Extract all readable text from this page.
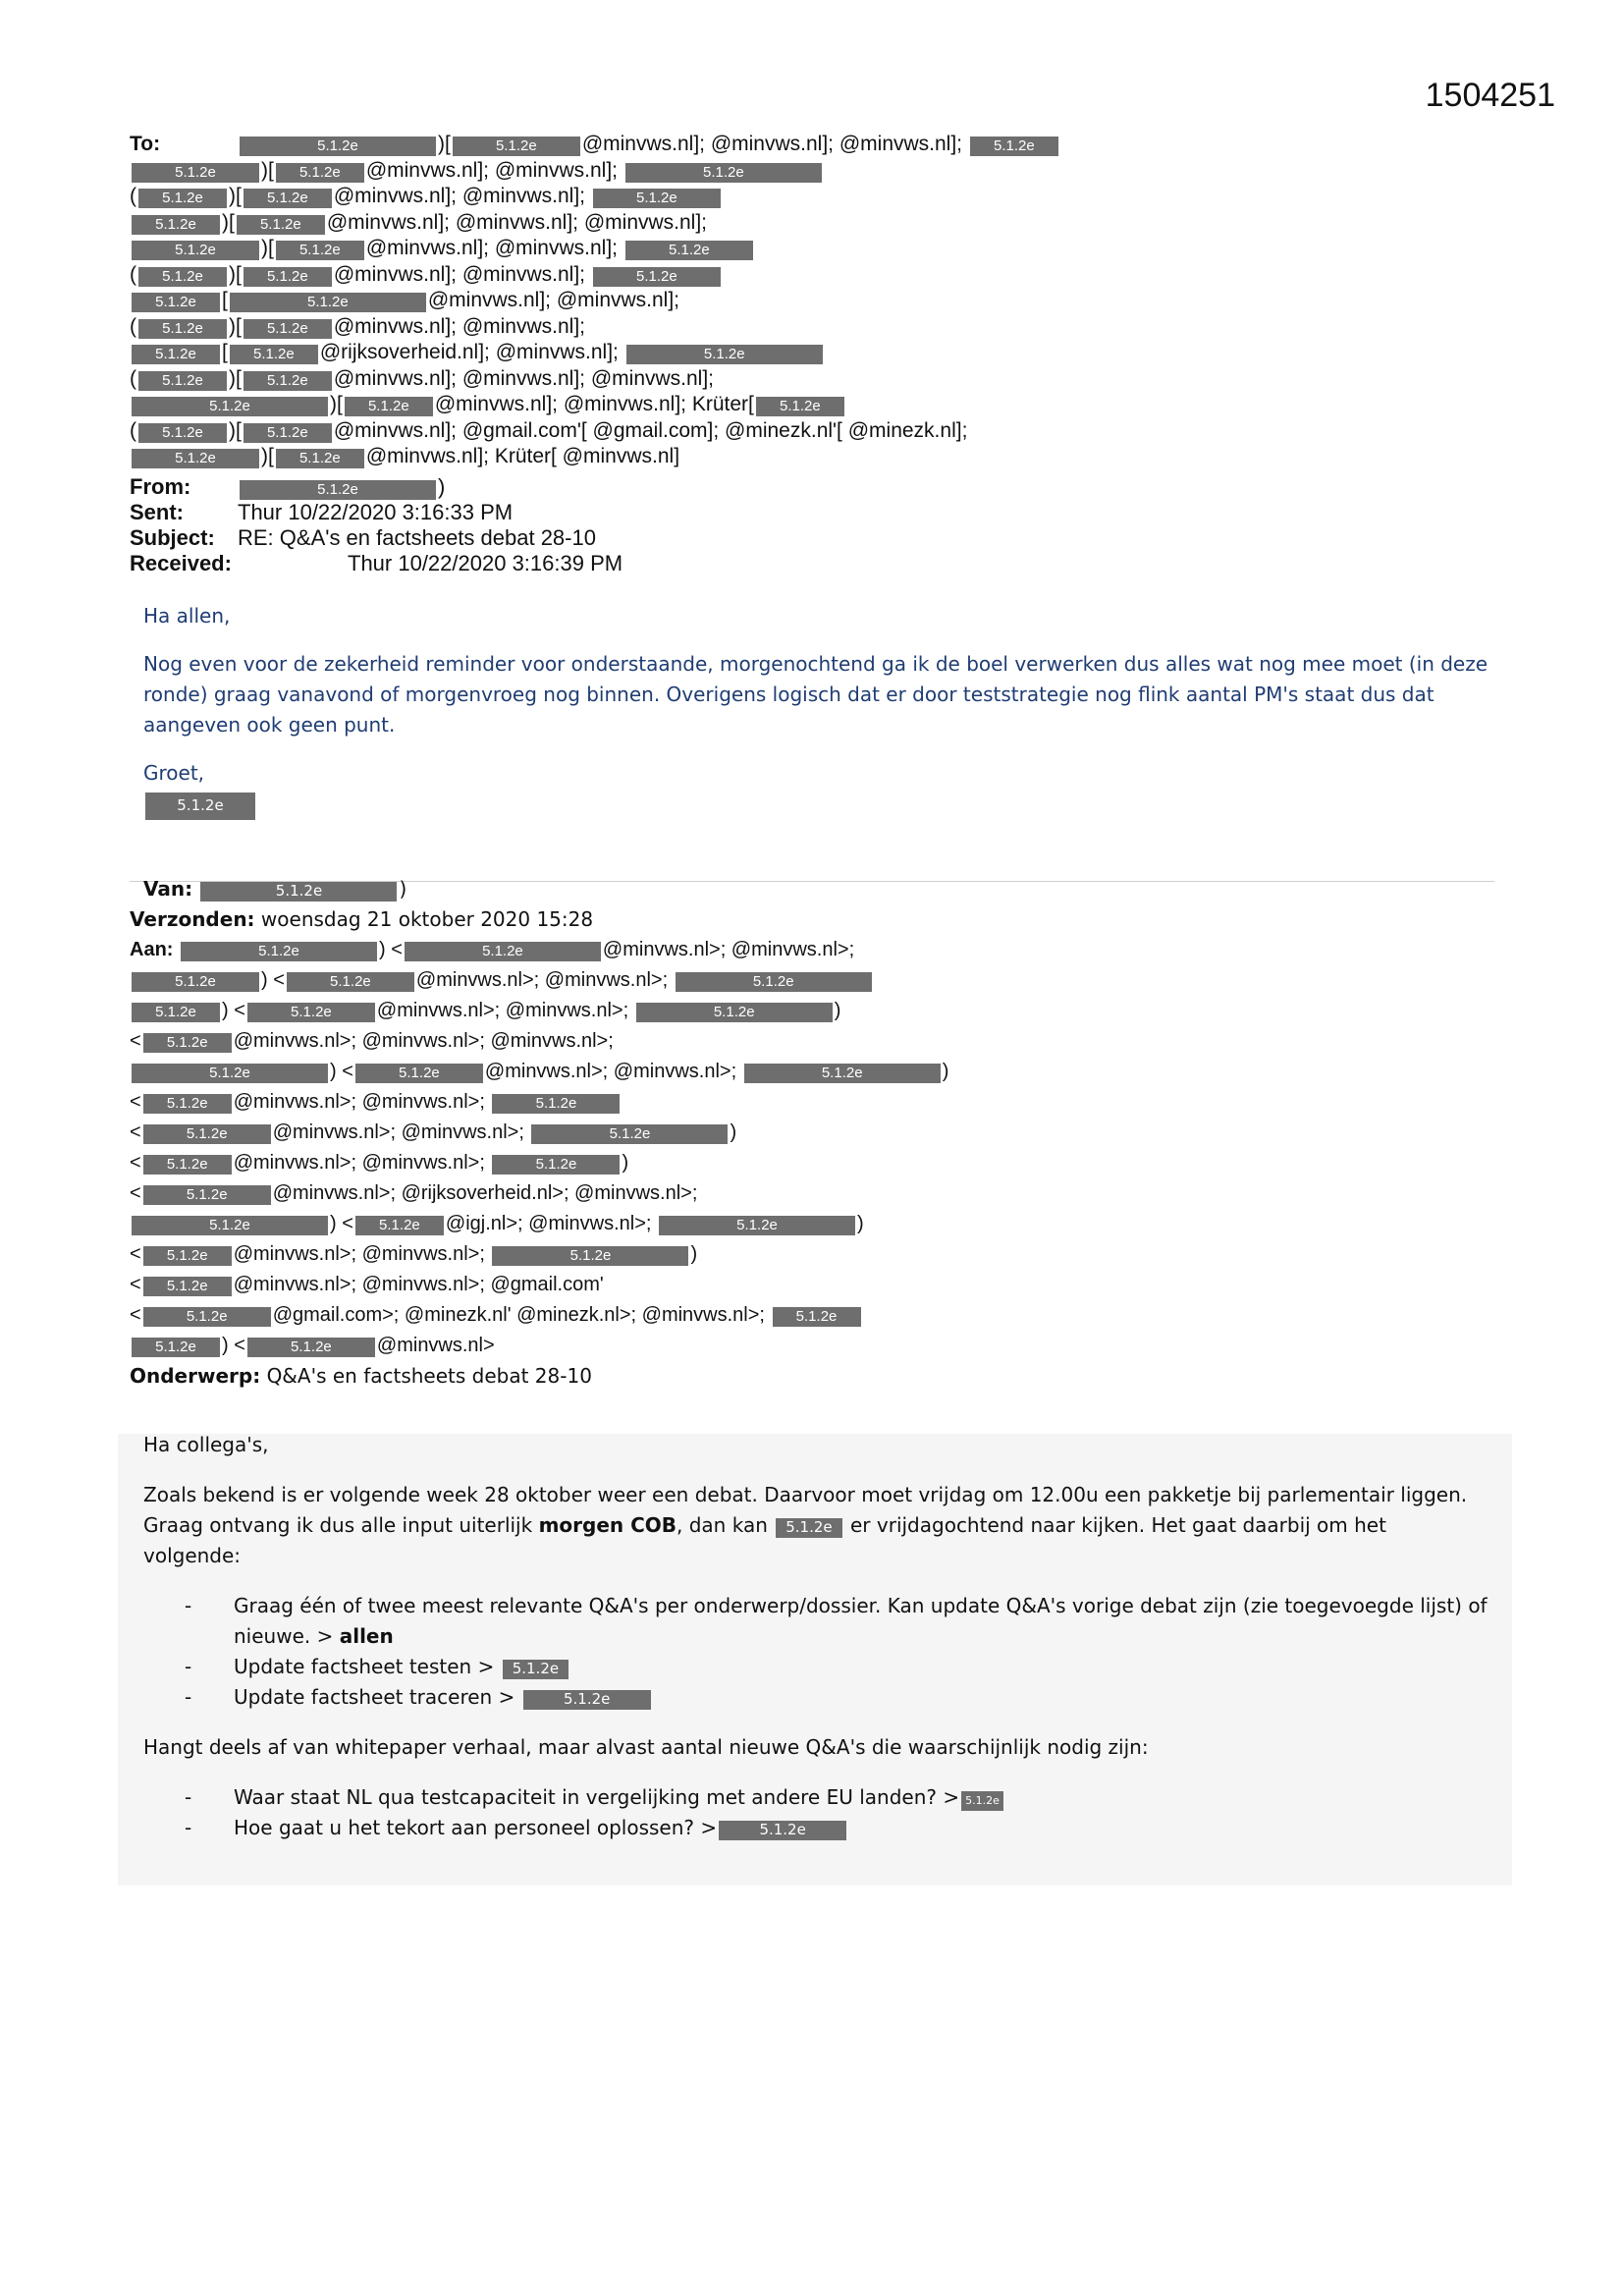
1504251
To:	5.1.2e	)[	5.1.2e @minvws.nl]; @minvws.nl]; @minvws.nl]; 5.1.2e
5.1.2e )[ 5.1.2e @minvws.nl]; @minvws.nl];	5.1.2e
( 5.1.2e )[ 5.1.2e @minvws.nl]; @minvws.nl];	5.1.2e
5.1.2e )[ 5.1.2e @minvws.nl]; @minvws.nl]; @minvws.nl];
5.1.2e )[ 5.1.2e @minvws.nl]; @minvws.nl];	5.1.2e
( 5.1.2e )[ 5.1.2e @minvws.nl]; @minvws.nl];	5.1.2e
5.1.2e [	5.1.2e	@minvws.nl]; @minvws.nl];
( 5.1.2e )[ 5.1.2e @minvws.nl]; @minvws.nl];
5.1.2e [ 5.1.2e @rijksoverheid.nl]; @minvws.nl];	5.1.2e
( 5.1.2e )[ 5.1.2e @minvws.nl]; @minvws.nl]; @minvws.nl];
5.1.2e	)[ 5.1.2e @minvws.nl]; @minvws.nl]; Krüter[ 5.1.2e
( 5.1.2e )[ 5.1.2e @minvws.nl]; @gmail.com'[ @gmail.com]; @minezk.nl'[ @minezk.nl];
5.1.2e )[ 5.1.2e @minvws.nl]; Krüter[ @minvws.nl]
From:	5.1.2e	)
Sent:	Thur 10/22/2020 3:16:33 PM
Subject: RE: Q&A's en factsheets debat 28-10
Received:	Thur 10/22/2020 3:16:39 PM

Ha allen,

Nog even voor de zekerheid reminder voor onderstaande, morgenochtend ga ik de boel verwerken dus alles wat nog mee moet (in deze ronde) graag vanavond of morgenvroeg nog binnen. Overigens logisch dat er door teststrategie nog flink aantal PM's staat dus dat aangeven ook geen punt.

Groet,

5.1.2e
Van:	5.1.2e	)
Verzonden: woensdag 21 oktober 2020 15:28
Aan:	5.1.2e	) <	5.1.2e	@minvws.nl>; @minvws.nl>;
5.1.2e ) <	5.1.2e @minvws.nl>; @minvws.nl>;	5.1.2e
5.1.2e ) <	5.1.2e @minvws.nl>; @minvws.nl>;	5.1.2e	)
< 5.1.2e @minvws.nl>; @minvws.nl>; @minvws.nl>;
5.1.2e	) <	5.1.2e @minvws.nl>; @minvws.nl>;	5.1.2e	)
< 5.1.2e @minvws.nl>; @minvws.nl>;	5.1.2e
<	5.1.2e @minvws.nl>; @minvws.nl>;	5.1.2e	)
< 5.1.2e @minvws.nl>; @minvws.nl>;	5.1.2e )
<	5.1.2e @minvws.nl>; @rijksoverheid.nl>; @minvws.nl>;
5.1.2e	) < 5.1.2e @igj.nl>; @minvws.nl>;	5.1.2e	)
< 5.1.2e @minvws.nl>; @minvws.nl>;	5.1.2e	)
< 5.1.2e @minvws.nl>; @minvws.nl>; @gmail.com'
<	5.1.2e @gmail.com>; @minezk.nl' @minezk.nl>; @minvws.nl>; 5.1.2e
5.1.2e ) <	5.1.2e @minvws.nl>
Onderwerp: Q&A's en factsheets debat 28-10

Ha collega's,

Zoals bekend is er volgende week 28 oktober weer een debat. Daarvoor moet vrijdag om 12.00u een pakketje bij parlementair liggen. Graag ontvang ik dus alle input uiterlijk morgen COB, dan kan 5.1.2e er vrijdagochtend naar kijken. Het gaat daarbij om het volgende:

- Graag één of twee meest relevante Q&A's per onderwerp/dossier. Kan update Q&A's vorige debat zijn (zie toegevoegde lijst) of nieuwe. > allen
- Update factsheet testen > 5.1.2e
- Update factsheet traceren >	5.1.2e

Hangt deels af van whitepaper verhaal, maar alvast aantal nieuwe Q&A's die waarschijnlijk nodig zijn:

- Waar staat NL qua testcapaciteit in vergelijking met andere EU landen? > 5.1.2e
- Hoe gaat u het tekort aan personeel oplossen? >	5.1.2e
